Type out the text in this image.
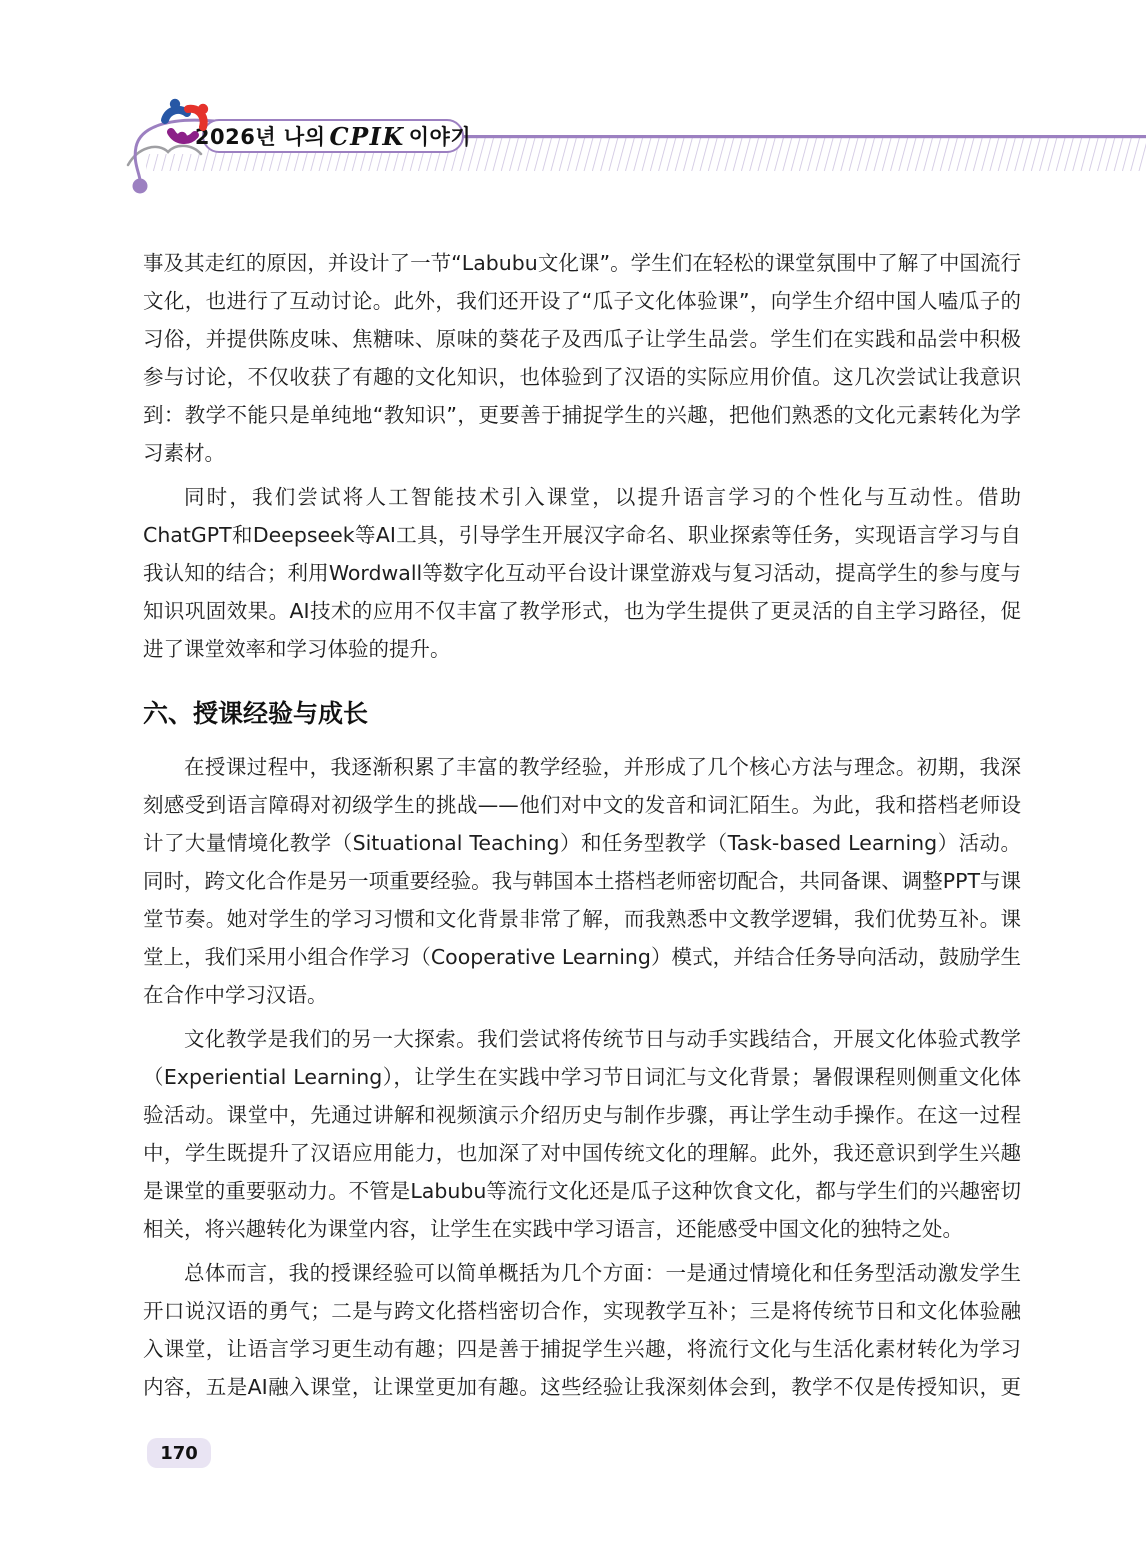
2026년 나의 CPIK 이야기

事及其走红的原因，并设计了一节“Labubu文化课”。学生们在轻松的课堂氛围中了解了中国流行文化，也进行了互动讨论。此外，我们还开设了“瓜子文化体验课”，向学生介绍中国人嗑瓜子的习俗，并提供陈皮味、焦糖味、原味的葵花子及西瓜子让学生品尝。学生们在实践和品尝中积极参与讨论，不仅收获了有趣的文化知识，也体验到了汉语的实际应用价值。这几次尝试让我意识到：教学不能只是单纯地“教知识”，更要善于捕捉学生的兴趣，把他们熟悉的文化元素转化为学习素材。

同时，我们尝试将人工智能技术引入课堂，以提升语言学习的个性化与互动性。借助ChatGPT和Deepseek等AI工具，引导学生开展汉字命名、职业探索等任务，实现语言学习与自我认知的结合；利用Wordwall等数字化互动平台设计课堂游戏与复习活动，提高学生的参与度与知识巩固效果。AI技术的应用不仅丰富了教学形式，也为学生提供了更灵活的自主学习路径，促进了课堂效率和学习体验的提升。

六、授课经验与成长

在授课过程中，我逐渐积累了丰富的教学经验，并形成了几个核心方法与理念。初期，我深刻感受到语言障碍对初级学生的挑战——他们对中文的发音和词汇陌生。为此，我和搭档老师设计了大量情境化教学（Situational Teaching）和任务型教学（Task-based Learning）活动。同时，跨文化合作是另一项重要经验。我与韩国本土搭档老师密切配合，共同备课、调整PPT与课堂节奏。她对学生的学习习惯和文化背景非常了解，而我熟悉中文教学逻辑，我们优势互补。课堂上，我们采用小组合作学习（Cooperative Learning）模式，并结合任务导向活动，鼓励学生在合作中学习汉语。

文化教学是我们的另一大探索。我们尝试将传统节日与动手实践结合，开展文化体验式教学（Experiential Learning），让学生在实践中学习节日词汇与文化背景；暑假课程则侧重文化体验活动。课堂中，先通过讲解和视频演示介绍历史与制作步骤，再让学生动手操作。在这一过程中，学生既提升了汉语应用能力，也加深了对中国传统文化的理解。此外，我还意识到学生兴趣是课堂的重要驱动力。不管是Labubu等流行文化还是瓜子这种饮食文化，都与学生们的兴趣密切相关，将兴趣转化为课堂内容，让学生在实践中学习语言，还能感受中国文化的独特之处。

总体而言，我的授课经验可以简单概括为几个方面：一是通过情境化和任务型活动激发学生开口说汉语的勇气；二是与跨文化搭档密切合作，实现教学互补；三是将传统节日和文化体验融入课堂，让语言学习更生动有趣；四是善于捕捉学生兴趣，将流行文化与生活化素材转化为学习内容，五是AI融入课堂，让课堂更加有趣。这些经验让我深刻体会到，教学不仅是传授知识，更

170
